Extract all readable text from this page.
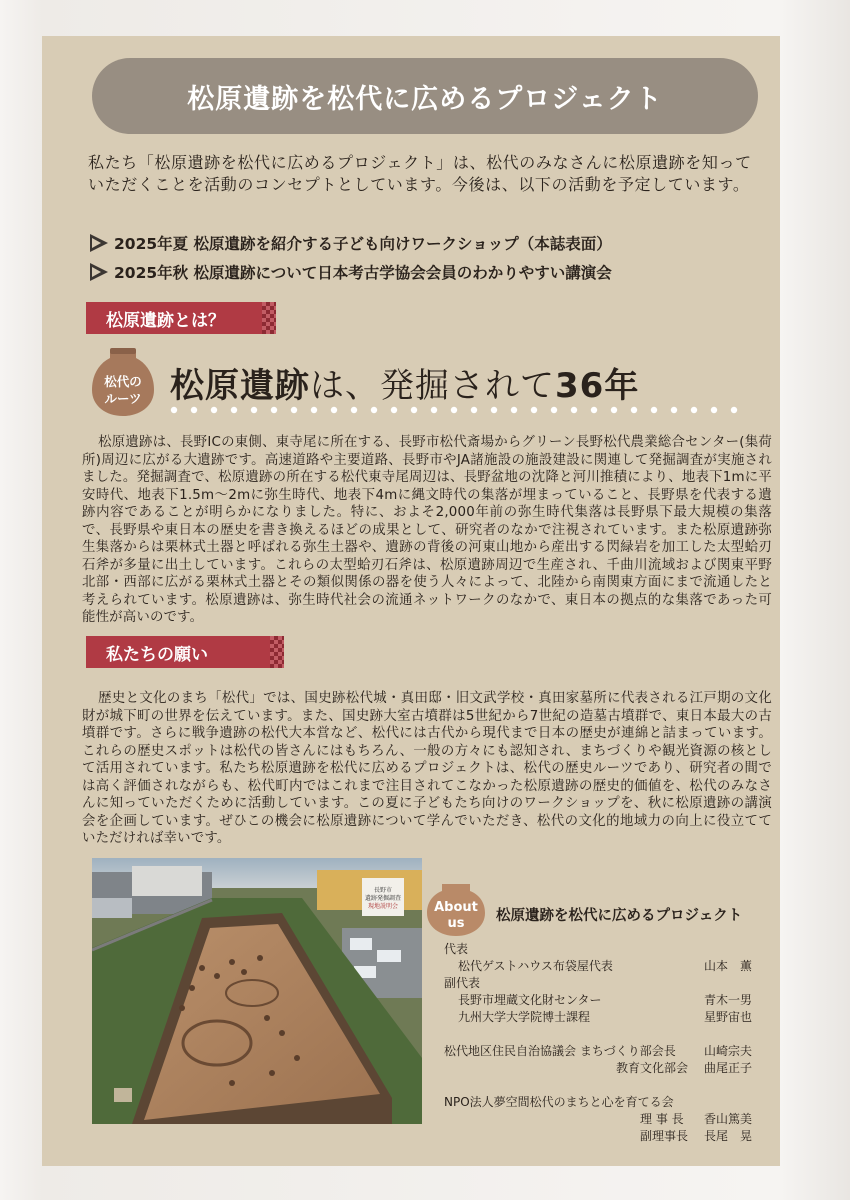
松原遺跡を松代に広めるプロジェクト
私たち「松原遺跡を松代に広めるプロジェクト」は、松代のみなさんに松原遺跡を知っていただくことを活動のコンセプトとしています。今後は、以下の活動を予定しています。
2025年夏 松原遺跡を紹介する子ども向けワークショップ（本誌表面）
2025年秋 松原遺跡について日本考古学協会会員のわかりやすい講演会
松原遺跡とは？
松代の
ルーツ 松原遺跡は、発掘されて36年
松原遺跡は、長野ICの東側、東寺尾に所在する、長野市松代斎場からグリーン長野松代農業総合センター(集荷所)周辺に広がる大遺跡です。高速道路や主要道路、長野市やJA諸施設の施設建設に関連して発掘調査が実施されました。発掘調査で、松原遺跡の所在する松代東寺尾周辺は、長野盆地の沈降と河川推積により、地表下1mに平安時代、地表下1.5m〜2mに弥生時代、地表下4mに縄文時代の集落が埋まっていること、長野県を代表する遺跡内容であることが明らかになりました。特に、およそ2,000年前の弥生時代集落は長野県下最大規模の集落で、長野県や東日本の歴史を書き換えるほどの成果として、研究者のなかで注視されています。また松原遺跡弥生集落からは栗林式土器と呼ばれる弥生土器や、遺跡の背後の河東山地から産出する閃緑岩を加工した太型蛤刃石斧が多量に出土しています。これらの太型蛤刃石斧は、松原遺跡周辺で生産され、千曲川流域および関東平野北部・西部に広がる栗林式土器とその類似関係の器を使う人々によって、北陸から南関東方面にまで流通したと考えられています。松原遺跡は、弥生時代社会の流通ネットワークのなかで、東日本の拠点的な集落であった可能性が高いのです。
私たちの願い
歴史と文化のまち「松代」では、国史跡松代城・真田邸・旧文武学校・真田家墓所に代表される江戸期の文化財が城下町の世界を伝えています。また、国史跡大室古墳群は5世紀から7世紀の造墓古墳群で、東日本最大の古墳群です。さらに戦争遺跡の松代大本営など、松代には古代から現代まで日本の歴史が連綿と詰まっています。これらの歴史スポットは松代の皆さんにはもちろん、一般の方々にも認知され、まちづくりや観光資源の核として活用されています。私たち松原遺跡を松代に広めるプロジェクトは、松代の歴史ルーツであり、研究者の間では高く評価されながらも、松代町内ではこれまで注目されてこなかった松原遺跡の歴史的価値を、松代のみなさんに知っていただくために活動しています。この夏に子どもたち向けのワークショップを、秋に松原遺跡の講演会を企画しています。ぜひこの機会に松原遺跡について学んでいただき、松代の文化的地域力の向上に役立てていただければ幸いです。
長野市
遺跡発掘調査
現地説明会	About
us 松原遺跡を松代に広めるプロジェクト
代表
松代ゲストハウス布袋屋代表	山本　薫
副代表
長野市埋蔵文化財センター	青木一男
九州大学大学院博士課程	星野宙也
松代地区住民自治協議会 まちづくり部会長 山崎宗夫
教育文化部会 曲尾正子
NPO法人夢空間松代のまちと心を育てる会
理 事 長 香山篤美
副理事長 長尾　晃
